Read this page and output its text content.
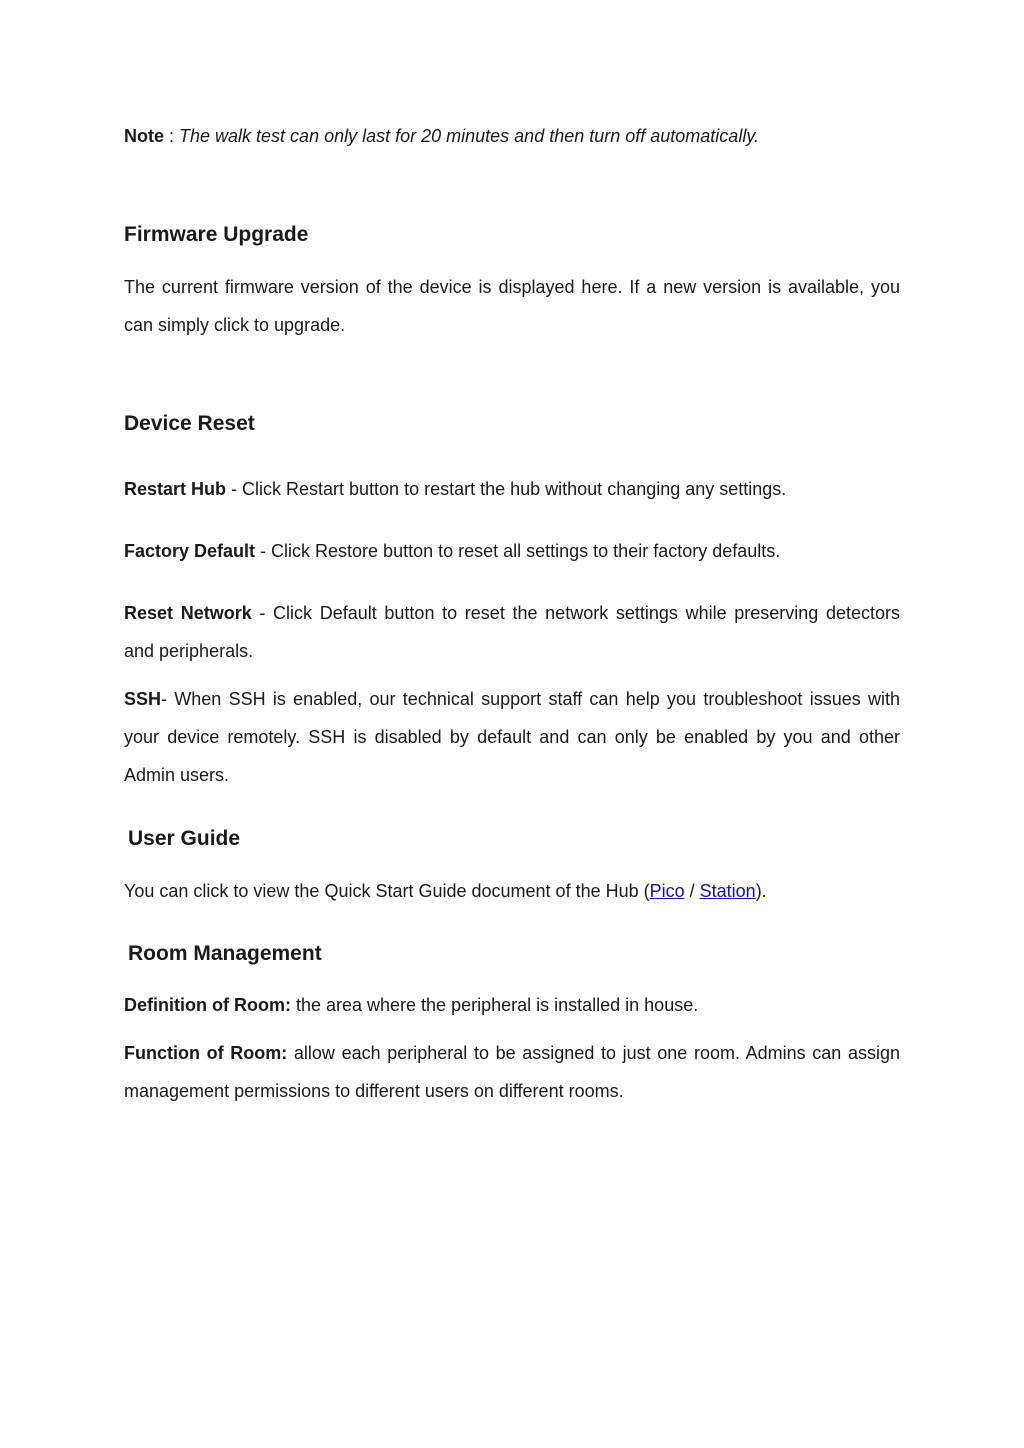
Note : The walk test can only last for 20 minutes and then turn off automatically.

Firmware Upgrade

The current firmware version of the device is displayed here. If a new version is available, you can simply click to upgrade.

Device Reset

Restart Hub - Click Restart button to restart the hub without changing any settings.

Factory Default - Click Restore button to reset all settings to their factory defaults.

Reset Network - Click Default button to reset the network settings while preserving detectors and peripherals.

SSH- When SSH is enabled, our technical support staff can help you troubleshoot issues with your device remotely. SSH is disabled by default and can only be enabled by you and other Admin users.

User Guide

You can click to view the Quick Start Guide document of the Hub (Pico / Station).

Room Management

Definition of Room: the area where the peripheral is installed in house.

Function of Room: allow each peripheral to be assigned to just one room. Admins can assign management permissions to different users on different rooms.
